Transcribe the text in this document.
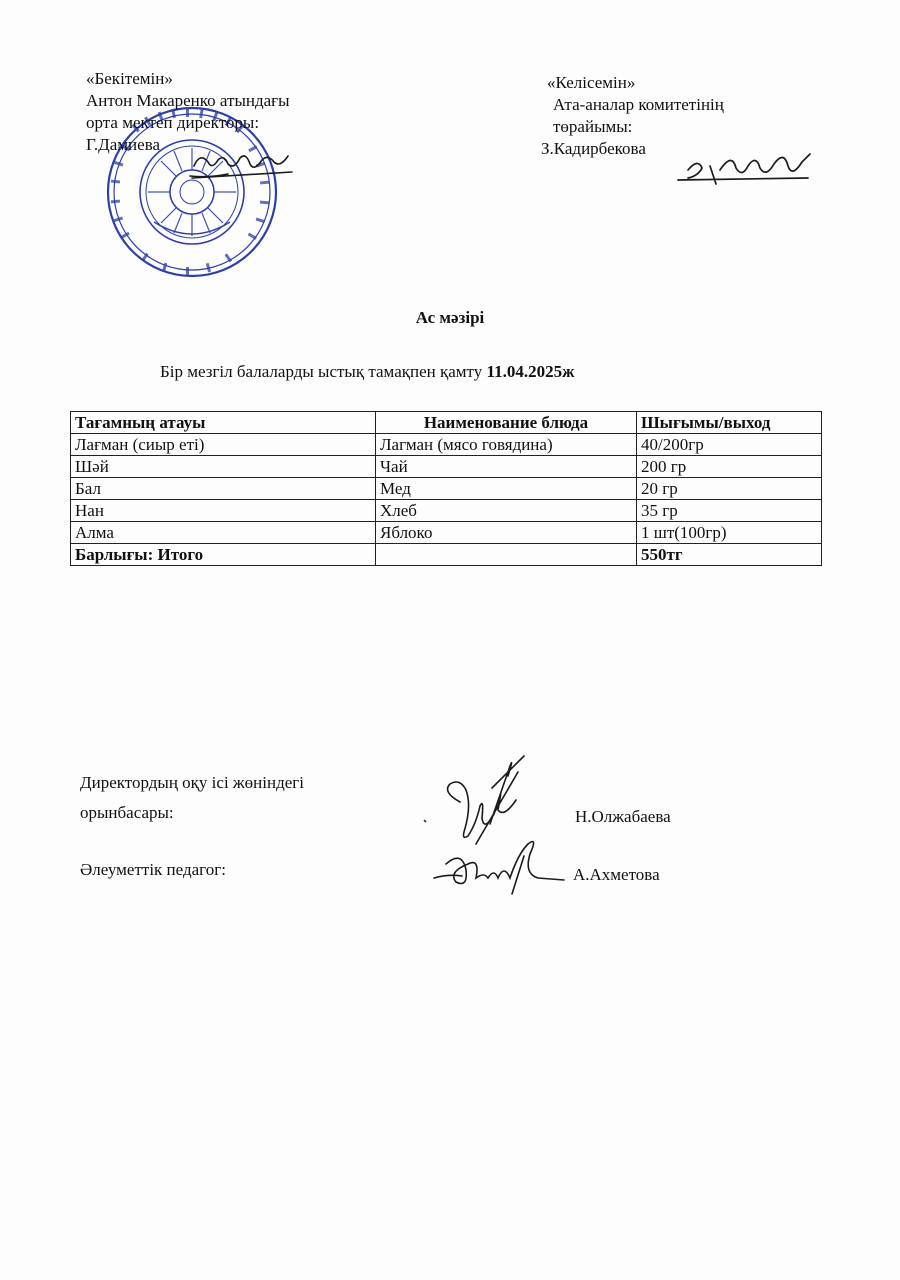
«Бекітемін»
Антон Макаренко атындағы
орта мектеп директоры:
Г.Дамиева
«Келісемін»
Ата-аналар комитетінің
төрайымы:
З.Кадирбекова
Ас мәзірі
Бір мезгіл балаларды ыстық тамақпен қамту 11.04.2025ж
Тағамның атауы	Наименование блюда	Шығымы/выход
Лағман (сиыр еті)	Лагман (мясо говядина)	40/200гр
Шәй	Чай	200 гр
Бал	Мед	20 гр
Нан	Хлеб	35 гр
Алма	Яблоко	1 шт(100гр)
Барлығы: Итого		550тг
Директордың оқу ісі жөніндегі
орынбасары:	Н.Олжабаева
Әлеуметтік педагог:	А.Ахметова
